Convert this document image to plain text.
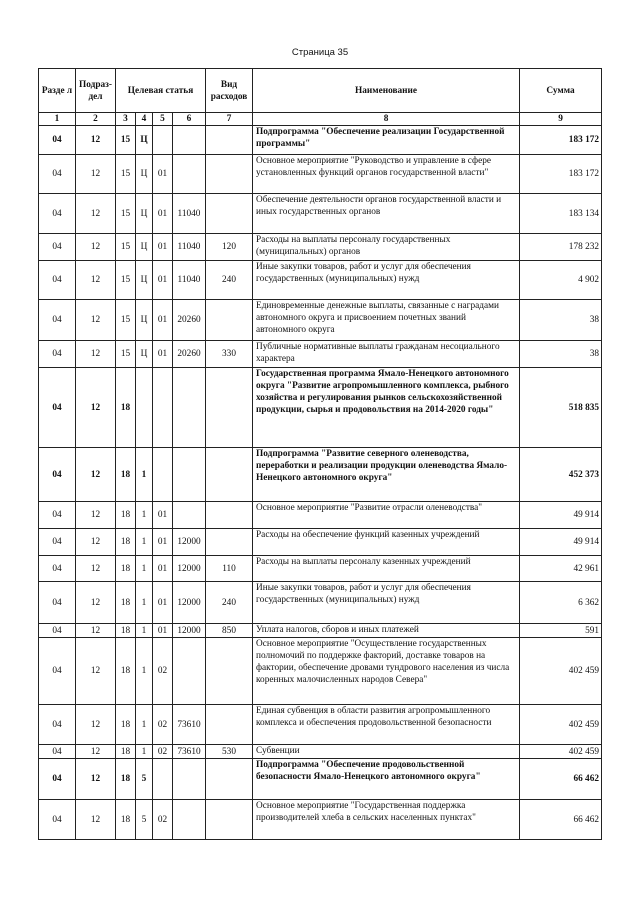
Страница 35
Разде л	Подраз-дел	Целевая статья				Вид расходов	Наименование	Сумма
1	2	3	4	5	6	7	8	9
04	12	15	Ц				Подпрограмма "Обеспечение реализации Государственной программы"	183 172
04	12	15	Ц	01			Основное мероприятие "Руководство и управление в сфере установленных функций органов государственной власти"	183 172
04	12	15	Ц	01	11040		Обеспечение деятельности органов государственной власти и иных государственных органов	183 134
04	12	15	Ц	01	11040	120	Расходы на выплаты персоналу государственных (муниципальных) органов	178 232
04	12	15	Ц	01	11040	240	Иные закупки товаров, работ и услуг для обеспечения государственных (муниципальных) нужд	4 902
04	12	15	Ц	01	20260		Единовременные денежные выплаты, связанные с наградами автономного округа и присвоением почетных званий автономного округа	38
04	12	15	Ц	01	20260	330	Публичные нормативные выплаты гражданам несоциального характера	38
04	12	18					Государственная программа Ямало-Ненецкого автономного округа "Развитие агропромышленного комплекса, рыбного хозяйства и регулирования рынков сельскохозяйственной продукции, сырья и продовольствия на 2014-2020 годы"	518 835
04	12	18	1				Подпрограмма "Развитие северного оленеводства, переработки и реализации продукции оленеводства Ямало-Ненецкого автономного округа"	452 373
04	12	18	1	01			Основное мероприятие "Развитие отрасли оленеводства"	49 914
04	12	18	1	01	12000		Расходы на обеспечение функций казенных учреждений	49 914
04	12	18	1	01	12000	110	Расходы на выплаты персоналу казенных учреждений	42 961
04	12	18	1	01	12000	240	Иные закупки товаров, работ и услуг для обеспечения государственных (муниципальных) нужд	6 362
04	12	18	1	01	12000	850	Уплата налогов, сборов и иных платежей	591
04	12	18	1	02			Основное мероприятие "Осуществление государственных полномочий по поддержке факторий, доставке товаров на фактории, обеспечение дровами тундрового населения из числа коренных малочисленных народов Севера"	402 459
04	12	18	1	02	73610		Единая субвенция в области развития агропромышленного комплекса и обеспечения продовольственной безопасности	402 459
04	12	18	1	02	73610	530	Субвенции	402 459
04	12	18	5				Подпрограмма "Обеспечение продовольственной безопасности Ямало-Ненецкого автономного округа"	66 462
04	12	18	5	02			Основное мероприятие "Государственная поддержка производителей хлеба в сельских населенных пунктах"	66 462
